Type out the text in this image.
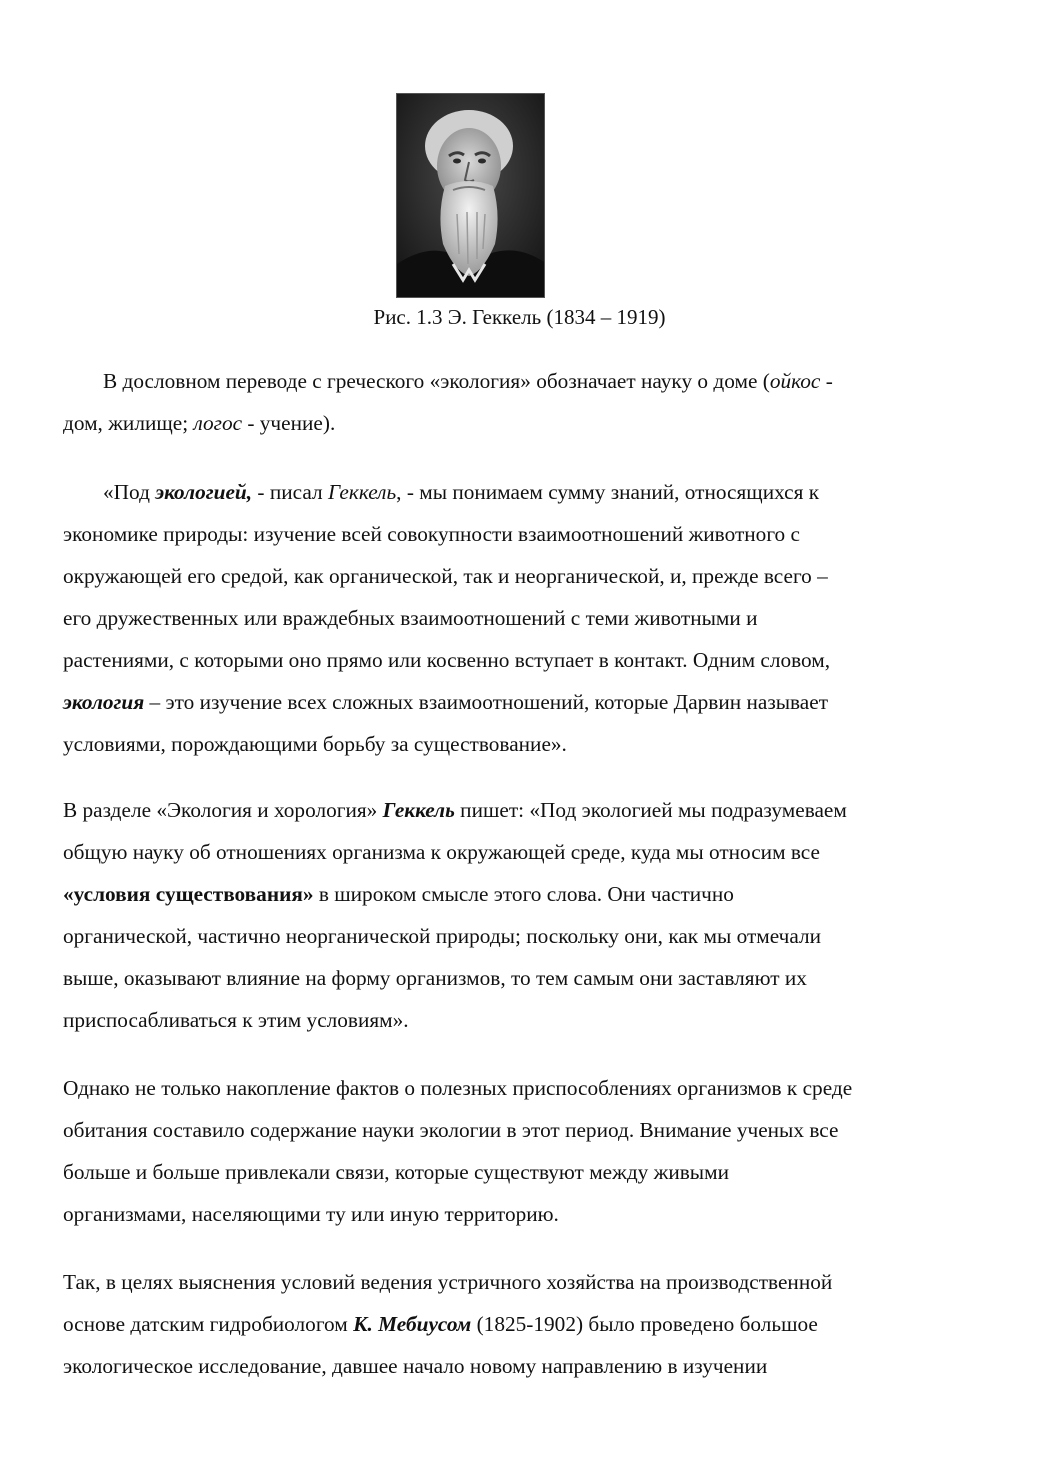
Рис. 1.3 Э. Геккель (1834 – 1919)
В дословном переводе с греческого «экология» обозначает науку о доме (ойкос -
дом, жилище; логос - учение).
«Под экологией, - писал Геккель, - мы понимаем сумму знаний, относящихся к
экономике природы: изучение всей совокупности взаимоотношений животного с
окружающей его средой, как органической, так и неорганической, и, прежде всего –
его дружественных или враждебных взаимоотношений с теми животными и
растениями, с которыми оно прямо или косвенно вступает в контакт. Одним словом,
экология – это изучение всех сложных взаимоотношений, которые Дарвин называет
условиями, порождающими борьбу за существование».
В разделе «Экология и хорология» Геккель пишет: «Под экологией мы подразумеваем
общую науку об отношениях организма к окружающей среде, куда мы относим все
«условия существования» в широком смысле этого слова. Они частично
органической, частично неорганической природы; поскольку они, как мы отмечали
выше, оказывают влияние на форму организмов, то тем самым они заставляют их
приспосабливаться к этим условиям».
Однако не только накопление фактов о полезных приспособлениях организмов к среде
обитания составило содержание науки экологии в этот период. Внимание ученых все
больше и больше привлекали связи, которые существуют между живыми
организмами, населяющими ту или иную территорию.
Так, в целях выяснения условий ведения устричного хозяйства на производственной
основе датским гидробиологом К. Мебиусом (1825-1902) было проведено большое
экологическое исследование, давшее начало новому направлению в изучении
